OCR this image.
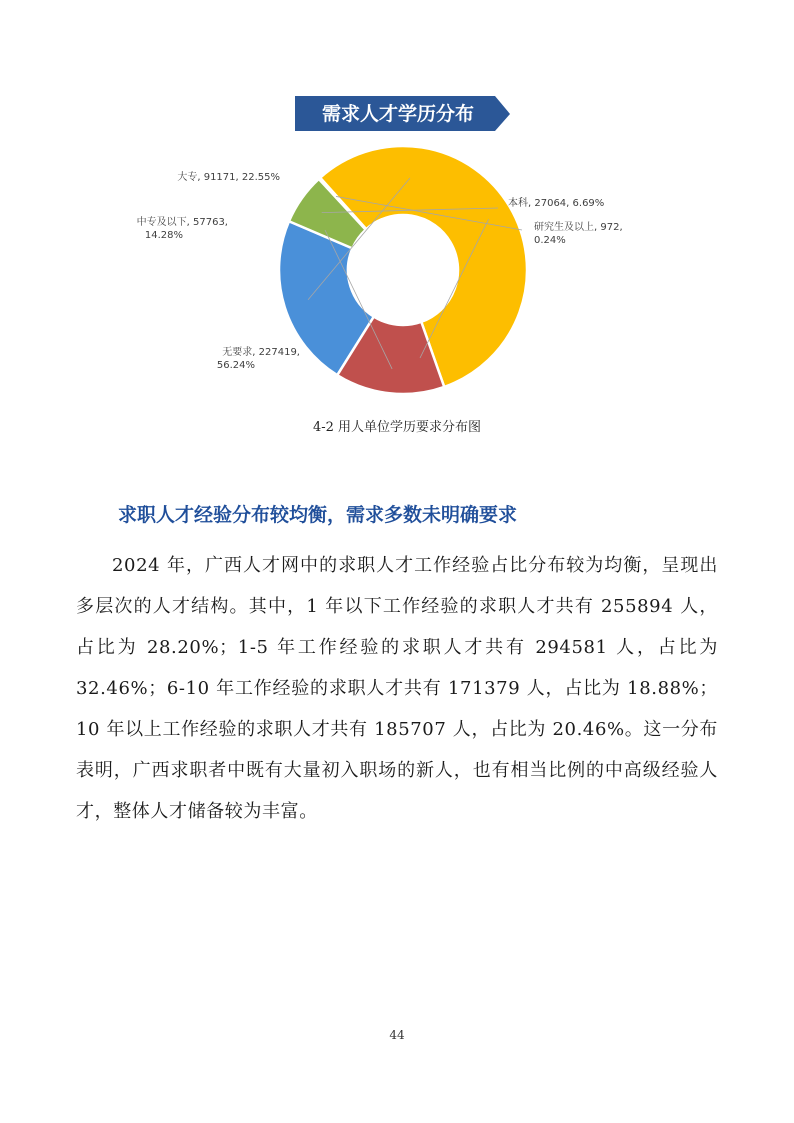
需求人才学历分布
大专, 91171, 22.55%
本科, 27064, 6.69%
研究生及以上, 972, 0.24%
无要求, 227419, 56.24%
中专及以下, 57763, 14.28%
4-2 用人单位学历要求分布图
求职人才经验分布较均衡，需求多数未明确要求

2024 年，广西人才网中的求职人才工作经验占比分布较为均衡，呈现出多层次的人才结构。其中，1 年以下工作经验的求职人才共有 255894 人，占比为 28.20%；1-5 年工作经验的求职人才共有 294581 人，占比为 32.46%；6-10 年工作经验的求职人才共有 171379 人，占比为 18.88%；10 年以上工作经验的求职人才共有 185707 人，占比为 20.46%。这一分布表明，广西求职者中既有大量初入职场的新人，也有相当比例的中高级经验人才，整体人才储备较为丰富。

44
